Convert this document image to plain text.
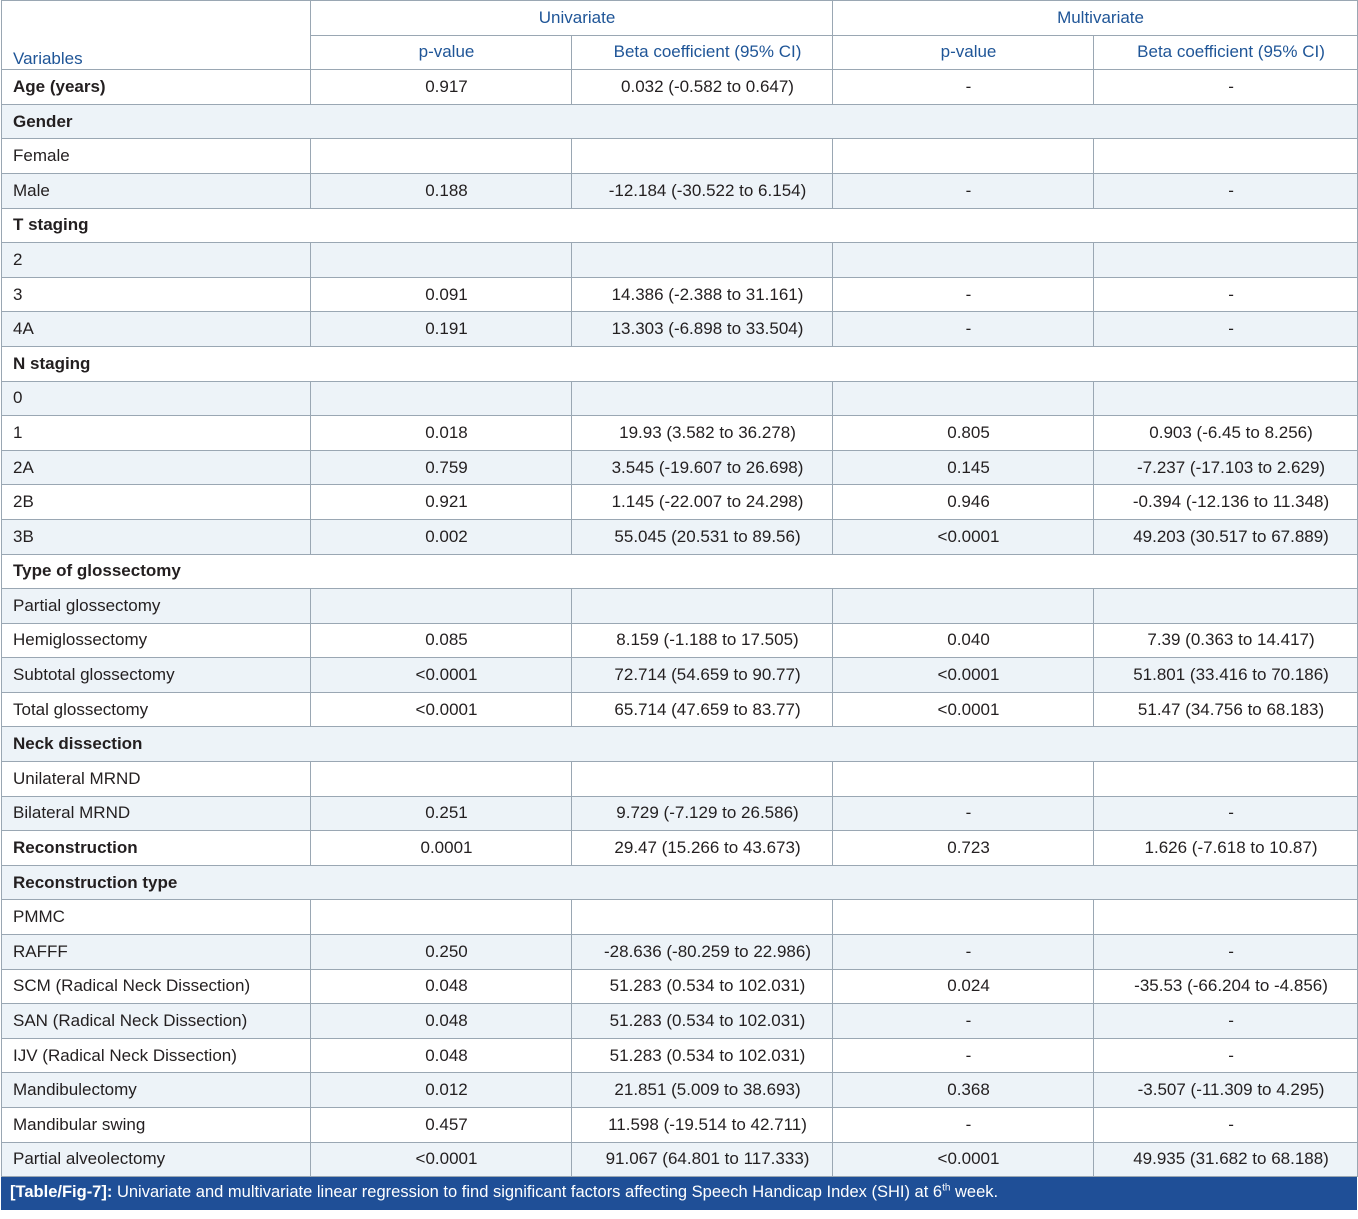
Variables	Univariate		Multivariate	
	p-value	Beta coefficient (95% CI)	p-value	Beta coefficient (95% CI)
Age (years)	0.917	0.032 (-0.582 to 0.647)	-	-
Gender				
Female				
Male	0.188	-12.184 (-30.522 to 6.154)	-	-
T staging				
2				
3	0.091	14.386 (-2.388 to 31.161)	-	-
4A	0.191	13.303 (-6.898 to 33.504)	-	-
N staging				
0				
1	0.018	19.93 (3.582 to 36.278)	0.805	0.903 (-6.45 to 8.256)
2A	0.759	3.545 (-19.607 to 26.698)	0.145	-7.237 (-17.103 to 2.629)
2B	0.921	1.145 (-22.007 to 24.298)	0.946	-0.394 (-12.136 to 11.348)
3B	0.002	55.045 (20.531 to 89.56)	<0.0001	49.203 (30.517 to 67.889)
Type of glossectomy				
Partial glossectomy				
Hemiglossectomy	0.085	8.159 (-1.188 to 17.505)	0.040	7.39 (0.363 to 14.417)
Subtotal glossectomy	<0.0001	72.714 (54.659 to 90.77)	<0.0001	51.801 (33.416 to 70.186)
Total glossectomy	<0.0001	65.714 (47.659 to 83.77)	<0.0001	51.47 (34.756 to 68.183)
Neck dissection				
Unilateral MRND				
Bilateral MRND	0.251	9.729 (-7.129 to 26.586)	-	-
Reconstruction	0.0001	29.47 (15.266 to 43.673)	0.723	1.626 (-7.618 to 10.87)
Reconstruction type				
PMMC				
RAFFF	0.250	-28.636 (-80.259 to 22.986)	-	-
SCM (Radical Neck Dissection)	0.048	51.283 (0.534 to 102.031)	0.024	-35.53 (-66.204 to -4.856)
SAN (Radical Neck Dissection)	0.048	51.283 (0.534 to 102.031)	-	-
IJV (Radical Neck Dissection)	0.048	51.283 (0.534 to 102.031)	-	-
Mandibulectomy	0.012	21.851 (5.009 to 38.693)	0.368	-3.507 (-11.309 to 4.295)
Mandibular swing	0.457	11.598 (-19.514 to 42.711)	-	-
Partial alveolectomy	<0.0001	91.067 (64.801 to 117.333)	<0.0001	49.935 (31.682 to 68.188)
[Table/Fig-7]: Univariate and multivariate linear regression to find significant factors affecting Speech Handicap Index (SHI) at 6th week.
